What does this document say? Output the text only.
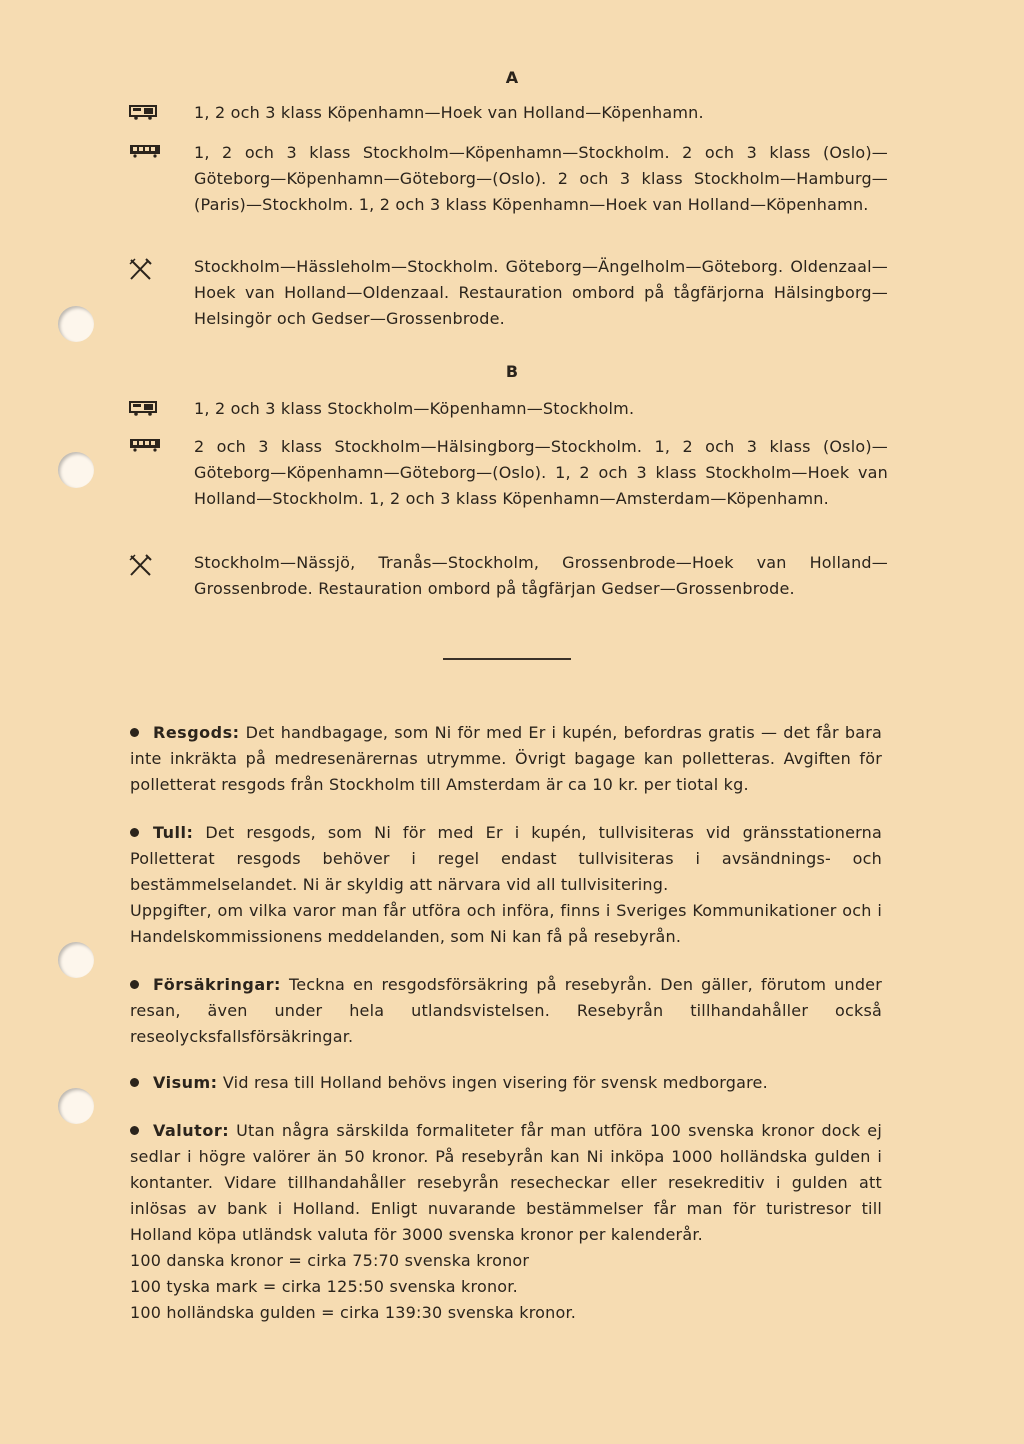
A
1, 2 och 3 klass Köpenhamn—Hoek van Holland—Köpenhamn.
1, 2 och 3 klass Stockholm—Köpenhamn—Stockholm. 2 och 3 klass (Oslo)—Göteborg—Köpenhamn—Göteborg—(Oslo). 2 och 3 klass Stockholm—Hamburg—(Paris)—Stockholm. 1, 2 och 3 klass Köpenhamn—Hoek van Holland—Köpenhamn.
Stockholm—Hässleholm—Stockholm. Göteborg—Ängelholm—Göteborg. Oldenzaal—Hoek van Holland—Oldenzaal. Restauration ombord på tågfärjorna Hälsingborg—Helsingör och Gedser—Grossenbrode.
B
1, 2 och 3 klass Stockholm—Köpenhamn—Stockholm.
2 och 3 klass Stockholm—Hälsingborg—Stockholm. 1, 2 och 3 klass (Oslo)—Göteborg—Köpenhamn—Göteborg—(Oslo). 1, 2 och 3 klass Stockholm—Hoek van Holland—Stockholm. 1, 2 och 3 klass Köpenhamn—Amsterdam—Köpenhamn.
Stockholm—Nässjö, Tranås—Stockholm, Grossenbrode—Hoek van Holland—Grossenbrode. Restauration ombord på tågfärjan Gedser—Grossenbrode.
Resgods: Det handbagage, som Ni för med Er i kupén, befordras gratis — det får bara inte inkräkta på medresenärernas utrymme. Övrigt bagage kan polletteras. Avgiften för polletterat resgods från Stockholm till Amsterdam är ca 10 kr. per tiotal kg.
Tull: Det resgods, som Ni för med Er i kupén, tullvisiteras vid gränsstationerna Polletterat resgods behöver i regel endast tullvisiteras i avsändnings- och bestämmelselandet. Ni är skyldig att närvara vid all tullvisitering.
Uppgifter, om vilka varor man får utföra och införa, finns i Sveriges Kommunikationer och i Handelskommissionens meddelanden, som Ni kan få på resebyrån.
Försäkringar: Teckna en resgodsförsäkring på resebyrån. Den gäller, förutom under resan, även under hela utlandsvistelsen. Resebyrån tillhandahåller också reseolycksfallsförsäkringar.
Visum: Vid resa till Holland behövs ingen visering för svensk medborgare.
Valutor: Utan några särskilda formaliteter får man utföra 100 svenska kronor dock ej sedlar i högre valörer än 50 kronor. På resebyrån kan Ni inköpa 1000 holländska gulden i kontanter. Vidare tillhandahåller resebyrån resecheckar eller resekreditiv i gulden att inlösas av bank i Holland. Enligt nuvarande bestämmelser får man för turistresor till Holland köpa utländsk valuta för 3000 svenska kronor per kalenderår.
100 danska kronor = cirka 75:70 svenska kronor
100 tyska mark = cirka 125:50 svenska kronor.
100 holländska gulden = cirka 139:30 svenska kronor.
